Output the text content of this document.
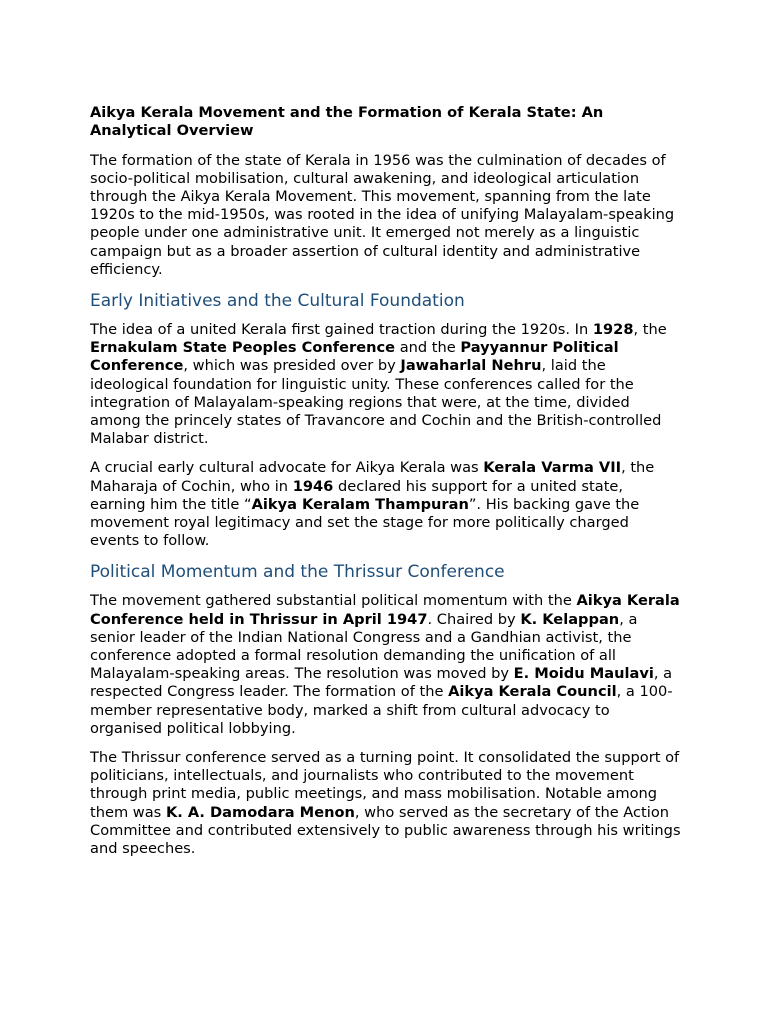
Aikya Kerala Movement and the Formation of Kerala State: An Analytical Overview

The formation of the state of Kerala in 1956 was the culmination of decades of socio-political mobilisation, cultural awakening, and ideological articulation through the Aikya Kerala Movement. This movement, spanning from the late 1920s to the mid-1950s, was rooted in the idea of unifying Malayalam-speaking people under one administrative unit. It emerged not merely as a linguistic campaign but as a broader assertion of cultural identity and administrative efficiency.

Early Initiatives and the Cultural Foundation

The idea of a united Kerala first gained traction during the 1920s. In 1928, the Ernakulam State Peoples Conference and the Payyannur Political Conference, which was presided over by Jawaharlal Nehru, laid the ideological foundation for linguistic unity. These conferences called for the integration of Malayalam-speaking regions that were, at the time, divided among the princely states of Travancore and Cochin and the British-controlled Malabar district.

A crucial early cultural advocate for Aikya Kerala was Kerala Varma VII, the Maharaja of Cochin, who in 1946 declared his support for a united state, earning him the title “Aikya Keralam Thampuran”. His backing gave the movement royal legitimacy and set the stage for more politically charged events to follow.

Political Momentum and the Thrissur Conference

The movement gathered substantial political momentum with the Aikya Kerala Conference held in Thrissur in April 1947. Chaired by K. Kelappan, a senior leader of the Indian National Congress and a Gandhian activist, the conference adopted a formal resolution demanding the unification of all Malayalam-speaking areas. The resolution was moved by E. Moidu Maulavi, a respected Congress leader. The formation of the Aikya Kerala Council, a 100-member representative body, marked a shift from cultural advocacy to organised political lobbying.

The Thrissur conference served as a turning point. It consolidated the support of politicians, intellectuals, and journalists who contributed to the movement through print media, public meetings, and mass mobilisation. Notable among them was K. A. Damodara Menon, who served as the secretary of the Action Committee and contributed extensively to public awareness through his writings and speeches.
